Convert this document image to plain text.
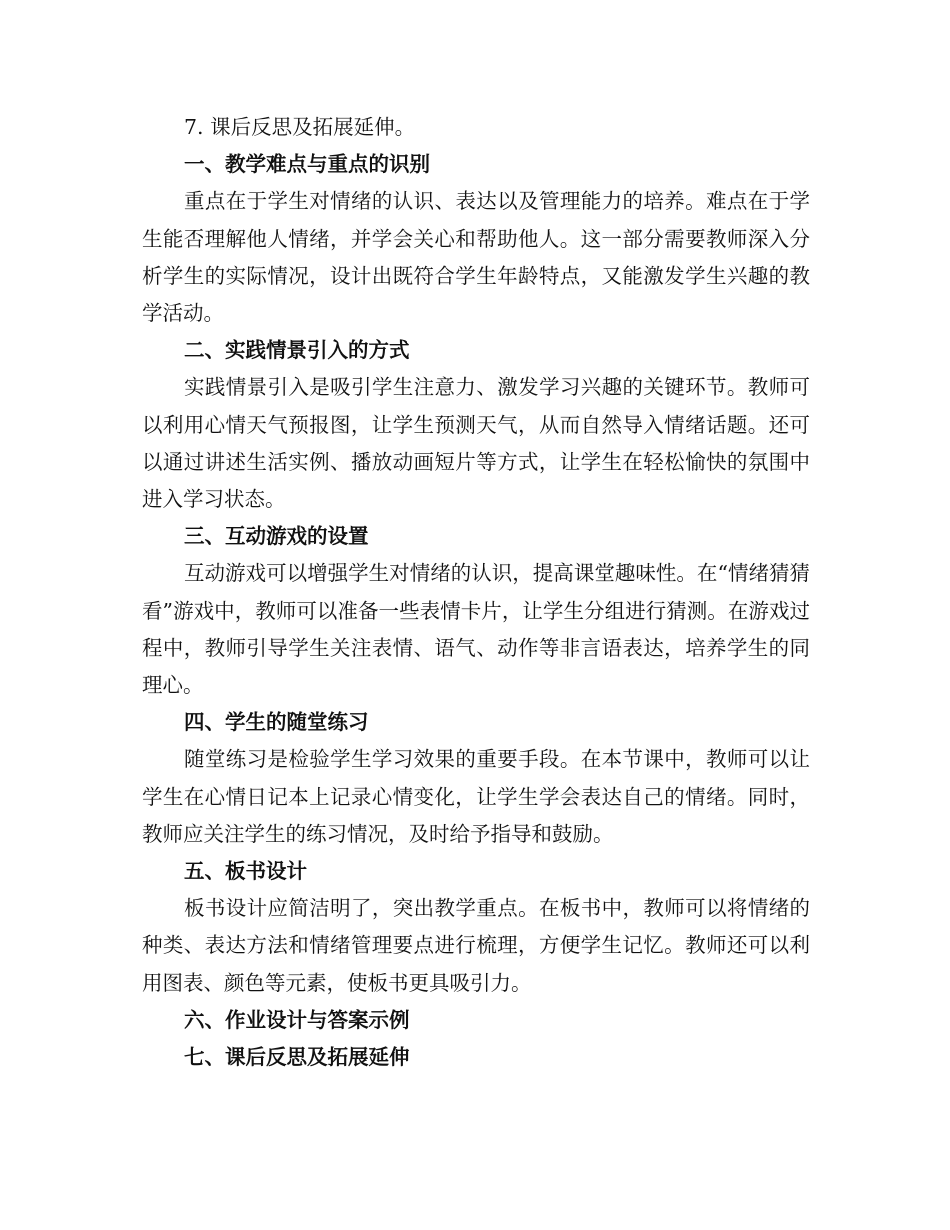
7. 课后反思及拓展延伸。
一、教学难点与重点的识别

重点在于学生对情绪的认识、表达以及管理能力的培养。难点在于学生能否理解他人情绪，并学会关心和帮助他人。这一部分需要教师深入分析学生的实际情况，设计出既符合学生年龄特点，又能激发学生兴趣的教学活动。

二、实践情景引入的方式

实践情景引入是吸引学生注意力、激发学习兴趣的关键环节。教师可以利用心情天气预报图，让学生预测天气，从而自然导入情绪话题。还可以通过讲述生活实例、播放动画短片等方式，让学生在轻松愉快的氛围中进入学习状态。

三、互动游戏的设置

互动游戏可以增强学生对情绪的认识，提高课堂趣味性。在“情绪猜猜看”游戏中，教师可以准备一些表情卡片，让学生分组进行猜测。在游戏过程中，教师引导学生关注表情、语气、动作等非言语表达，培养学生的同理心。

四、学生的随堂练习

随堂练习是检验学生学习效果的重要手段。在本节课中，教师可以让学生在心情日记本上记录心情变化，让学生学会表达自己的情绪。同时，教师应关注学生的练习情况，及时给予指导和鼓励。

五、板书设计

板书设计应简洁明了，突出教学重点。在板书中，教师可以将情绪的种类、表达方法和情绪管理要点进行梳理，方便学生记忆。教师还可以利用图表、颜色等元素，使板书更具吸引力。

六、作业设计与答案示例
七、课后反思及拓展延伸
